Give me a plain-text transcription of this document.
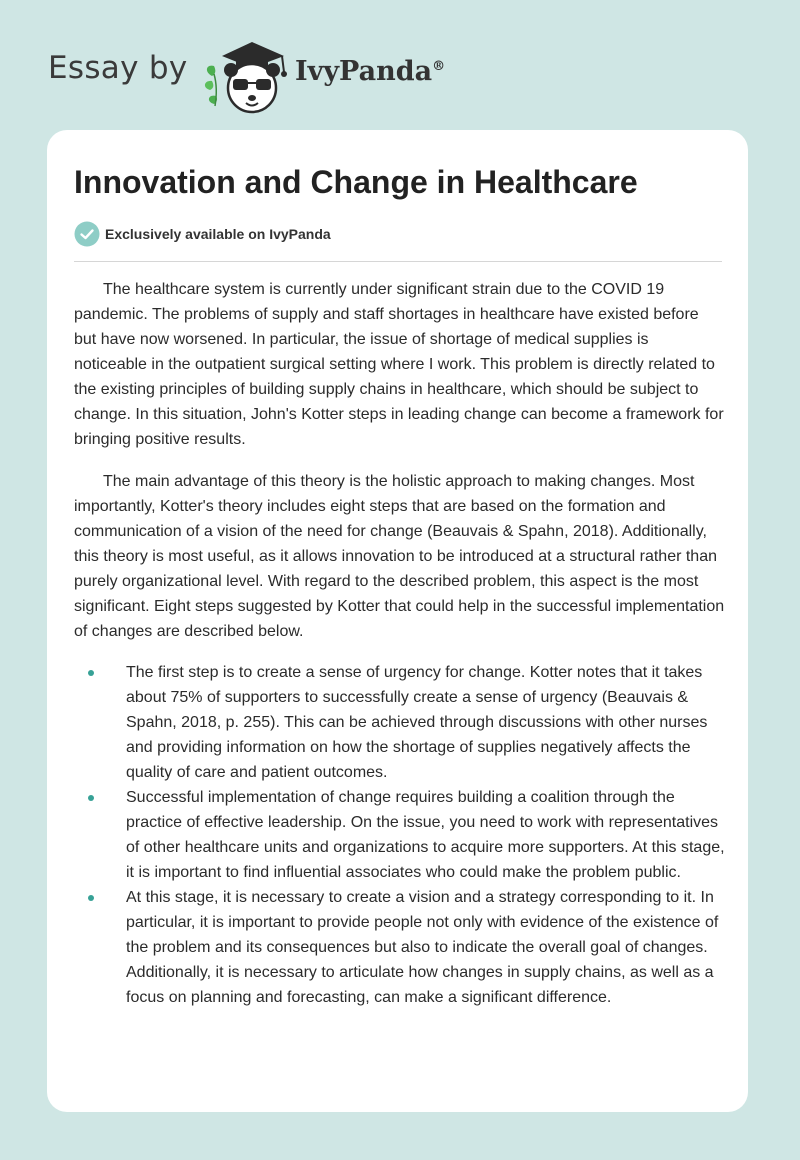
Essay by	IvyPanda®
Innovation and Change in Healthcare
Exclusively available on IvyPanda

The healthcare system is currently under significant strain due to the COVID 19 pandemic. The problems of supply and staff shortages in healthcare have existed before but have now worsened. In particular, the issue of shortage of medical supplies is noticeable in the outpatient surgical setting where I work. This problem is directly related to the existing principles of building supply chains in healthcare, which should be subject to change. In this situation, John's Kotter steps in leading change can become a framework for bringing positive results.

The main advantage of this theory is the holistic approach to making changes. Most importantly, Kotter's theory includes eight steps that are based on the formation and communication of a vision of the need for change (Beauvais & Spahn, 2018). Additionally, this theory is most useful, as it allows innovation to be introduced at a structural rather than purely organizational level. With regard to the described problem, this aspect is the most significant. Eight steps suggested by Kotter that could help in the successful implementation of changes are described below.

The first step is to create a sense of urgency for change. Kotter notes that it takes about 75% of supporters to successfully create a sense of urgency (Beauvais & Spahn, 2018, p. 255). This can be achieved through discussions with other nurses and providing information on how the shortage of supplies negatively affects the quality of care and patient outcomes.
Successful implementation of change requires building a coalition through the practice of effective leadership. On the issue, you need to work with representatives of other healthcare units and organizations to acquire more supporters. At this stage, it is important to find influential associates who could make the problem public.
At this stage, it is necessary to create a vision and a strategy corresponding to it. In particular, it is important to provide people not only with evidence of the existence of the problem and its consequences but also to indicate the overall goal of changes. Additionally, it is necessary to articulate how changes in supply chains, as well as a focus on planning and forecasting, can make a significant difference.
